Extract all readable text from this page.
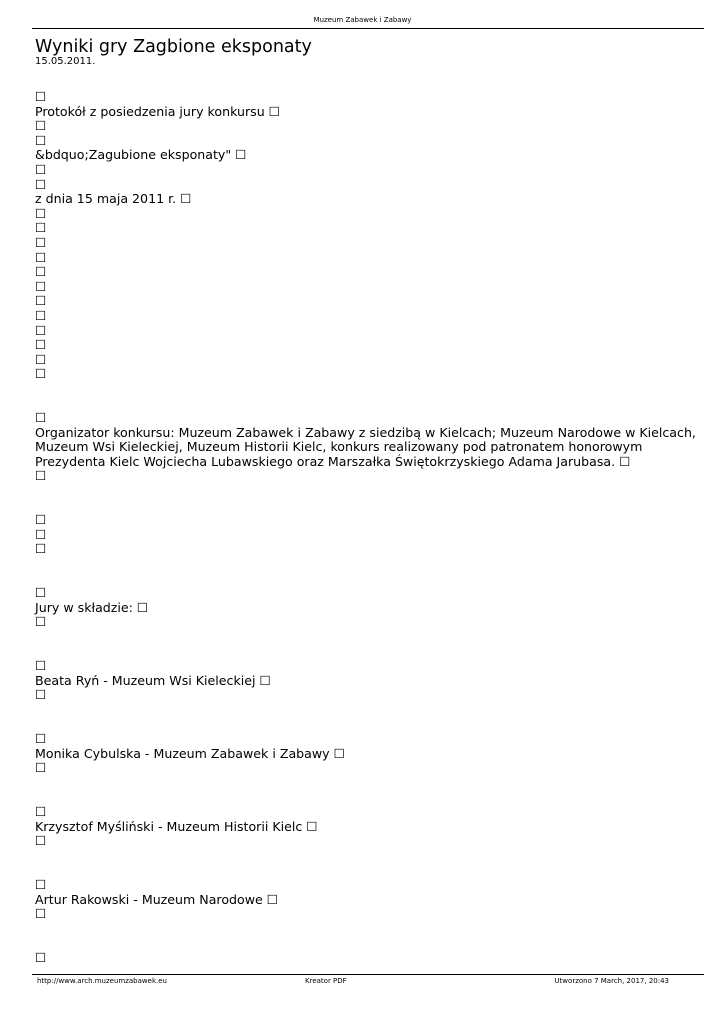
Muzeum Zabawek i Zabawy
Wyniki gry Zagbione eksponaty
15.05.2011.
☐
Protokół z posiedzenia jury konkursu ☐
☐
☐
&bdquo;Zagubione eksponaty" ☐
☐
☐
z dnia 15 maja 2011 r. ☐
☐
☐
☐
☐
☐
☐
☐
☐
☐
☐
☐
☐
☐
Organizator konkursu: Muzeum Zabawek i Zabawy z siedzibą w Kielcach; Muzeum Narodowe w Kielcach, Muzeum Wsi Kieleckiej, Muzeum Historii Kielc, konkurs realizowany pod patronatem honorowym Prezydenta Kielc Wojciecha Lubawskiego oraz Marszałka Świętokrzyskiego Adama Jarubasa. ☐
☐
☐
☐
☐
☐
Jury w składzie: ☐
☐
☐
Beata Ryń - Muzeum Wsi Kieleckiej ☐
☐
☐
Monika Cybulska - Muzeum Zabawek i Zabawy ☐
☐
☐
Krzysztof Myśliński - Muzeum Historii Kielc ☐
☐
☐
Artur Rakowski - Muzeum Narodowe ☐
☐
☐
http://www.arch.muzeumzabawek.eu	Kreator PDF	Utworzono 7 March, 2017, 20:43
